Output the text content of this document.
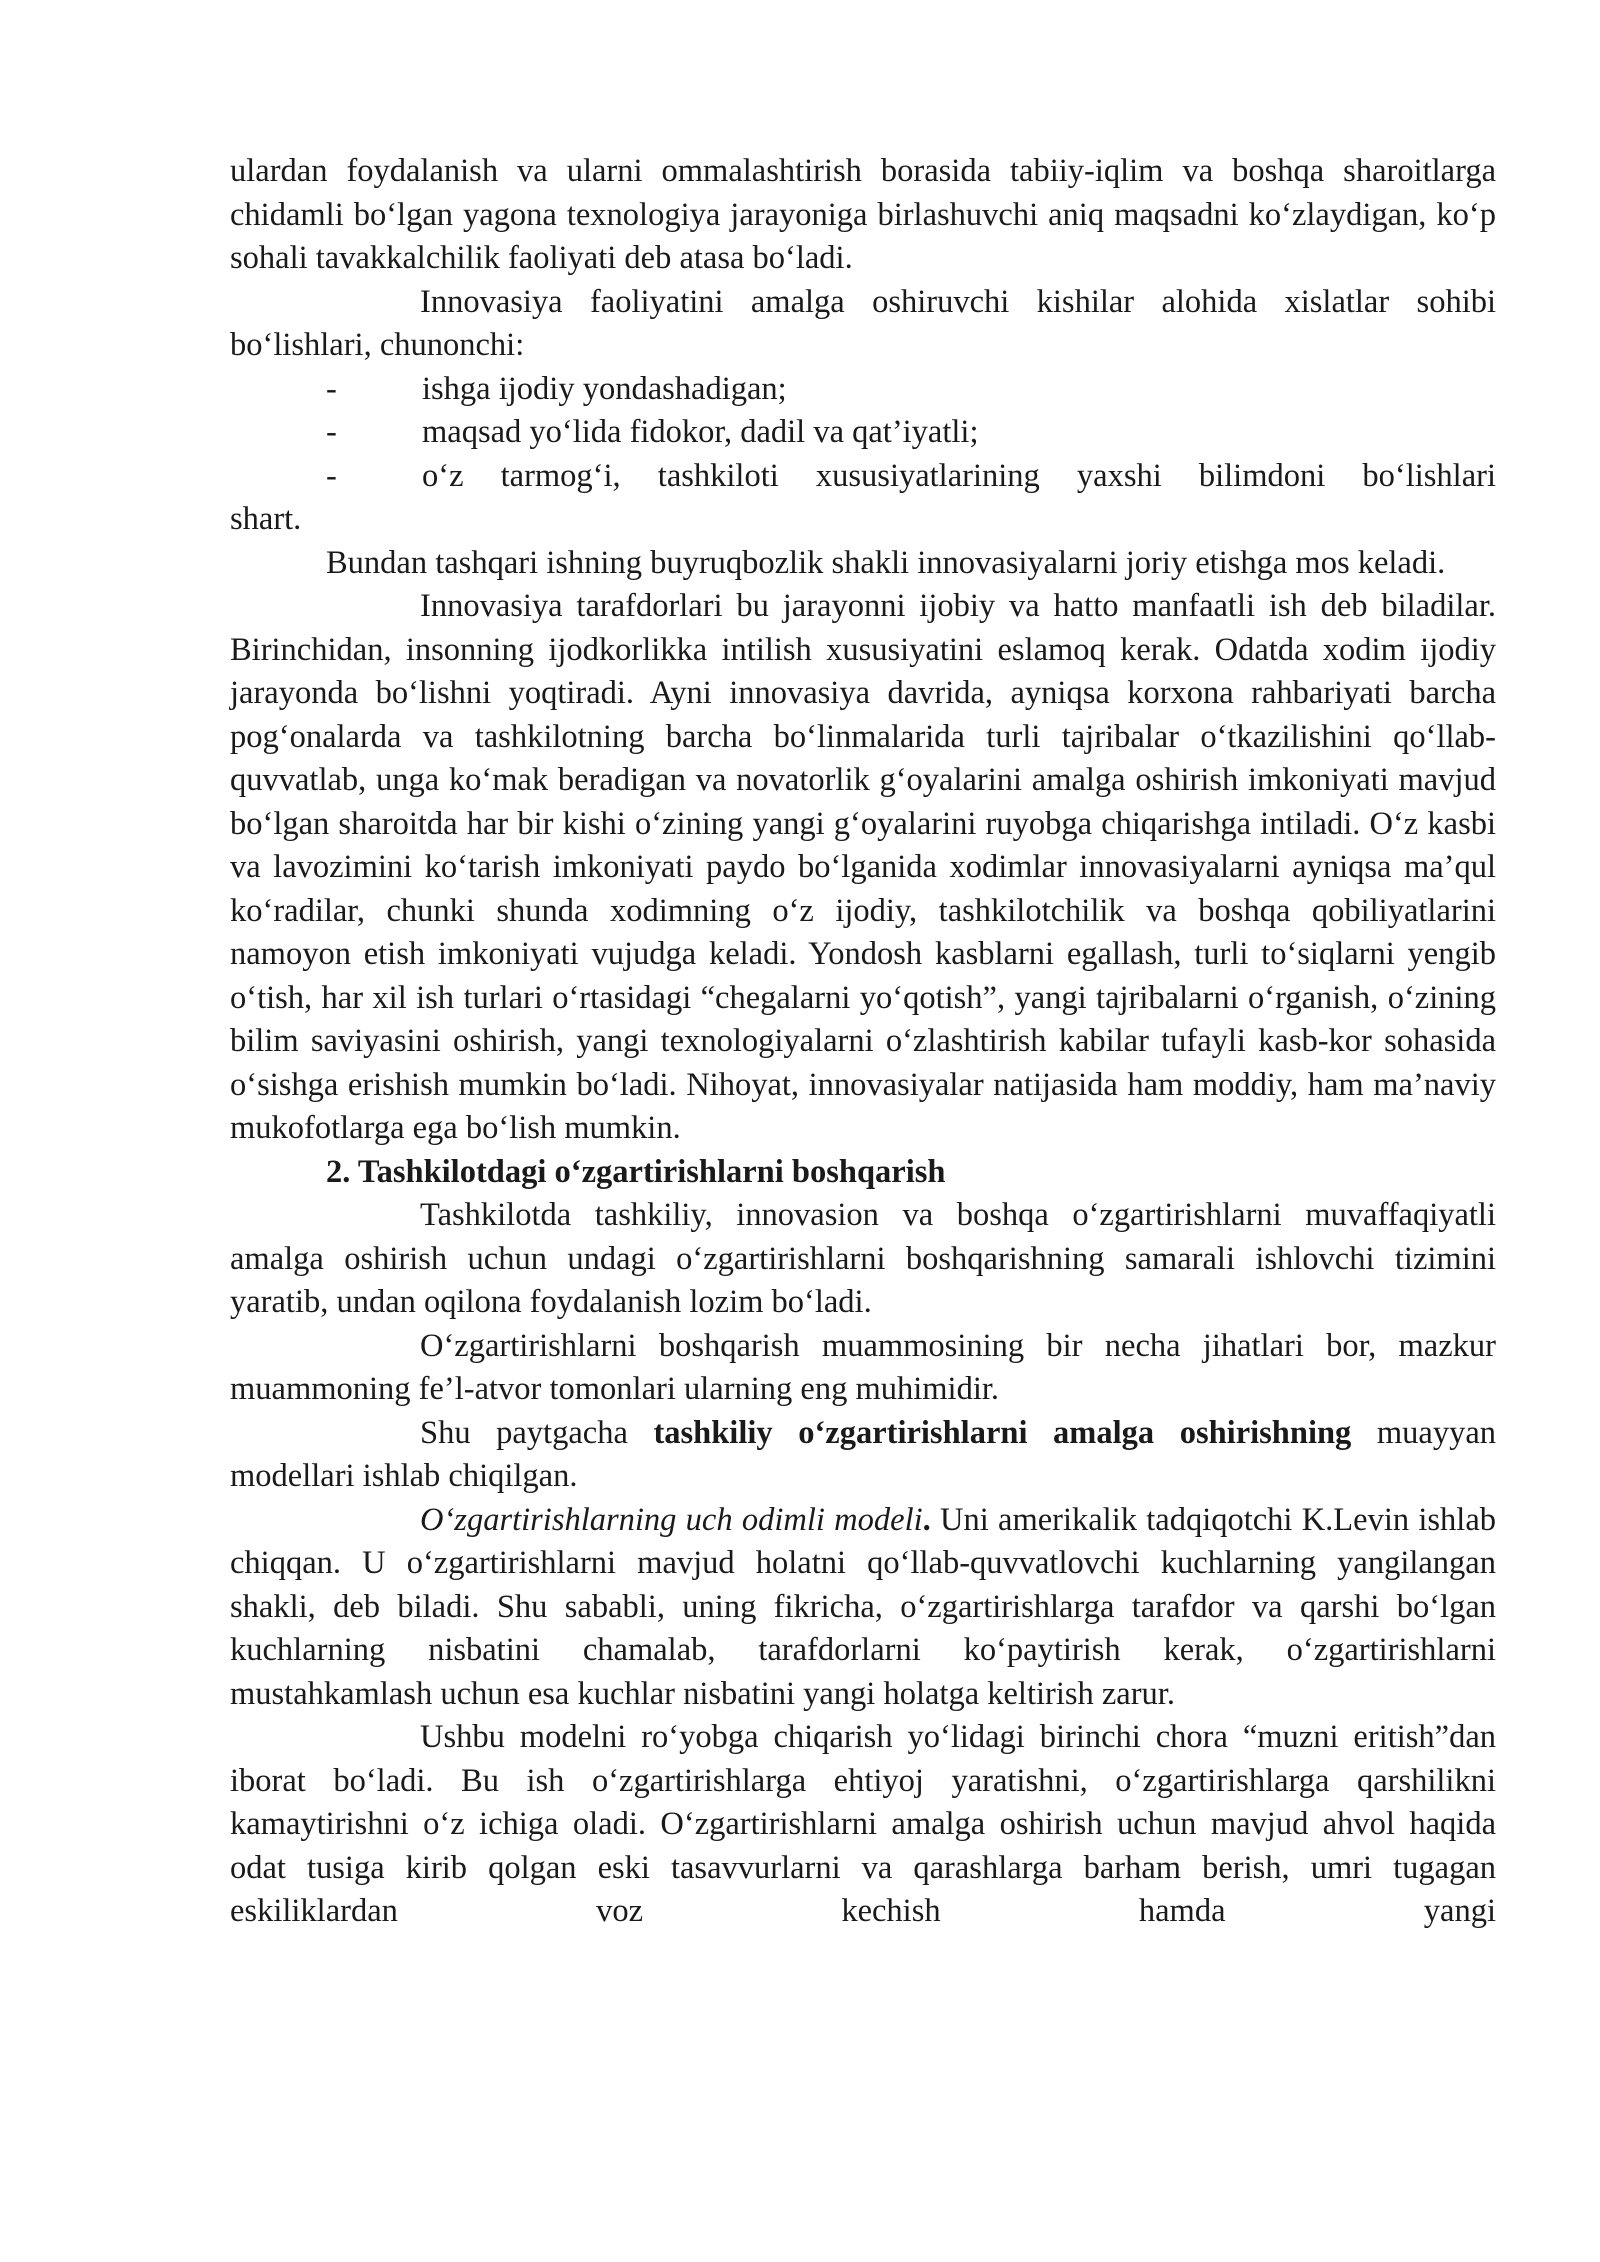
ulardan foydalanish va ularni ommalashtirish borasida tabiiy-iqlim va boshqa sharoitlarga chidamli bo‘lgan yagona texnologiya jarayoniga birlashuvchi aniq maqsadni ko‘zlaydigan, ko‘p sohali tavakkalchilik faoliyati deb atasa bo‘ladi.

Innovasiya faoliyatini amalga oshiruvchi kishilar alohida xislatlar sohibi bo‘lishlari, chunonchi:

-	ishga ijodiy yondashadigan;
-	maqsad yo‘lida fidokor, dadil va qat’iyatli;
-	o‘z tarmog‘i, tashkiloti xususiyatlarining yaxshi bilimdoni bo‘lishlari

shart.

Bundan tashqari ishning buyruqbozlik shakli innovasiyalarni joriy etishga mos keladi.

Innovasiya tarafdorlari bu jarayonni ijobiy va hatto manfaatli ish deb biladilar. Birinchidan, insonning ijodkorlikka intilish xususiyatini eslamoq kerak. Odatda xodim ijodiy jarayonda bo‘lishni yoqtiradi. Ayni innovasiya davrida, ayniqsa korxona rahbariyati barcha pog‘onalarda va tashkilotning barcha bo‘linmalarida turli tajribalar o‘tkazilishini qo‘llab-quvvatlab, unga ko‘mak beradigan va novatorlik g‘oyalarini amalga oshirish imkoniyati mavjud bo‘lgan sharoitda har bir kishi o‘zining yangi g‘oyalarini ruyobga chiqarishga intiladi. O‘z kasbi va lavozimini ko‘tarish imkoniyati paydo bo‘lganida xodimlar innovasiyalarni ayniqsa ma’qul ko‘radilar, chunki shunda xodimning o‘z ijodiy, tashkilotchilik va boshqa qobiliyatlarini namoyon etish imkoniyati vujudga keladi. Yondosh kasblarni egallash, turli to‘siqlarni yengib o‘tish, har xil ish turlari o‘rtasidagi “chegalarni yo‘qotish”, yangi tajribalarni o‘rganish, o‘zining bilim saviyasini oshirish, yangi texnologiyalarni o‘zlashtirish kabilar tufayli kasb-kor sohasida o‘sishga erishish mumkin bo‘ladi. Nihoyat, innovasiyalar natijasida ham moddiy, ham ma’naviy mukofotlarga ega bo‘lish mumkin.

2. Tashkilotdagi o‘zgartirishlarni boshqarish

Tashkilotda tashkiliy, innovasion va boshqa o‘zgartirishlarni muvaffaqiyatli amalga oshirish uchun undagi o‘zgartirishlarni boshqarishning samarali ishlovchi tizimini yaratib, undan oqilona foydalanish lozim bo‘ladi.

O‘zgartirishlarni boshqarish muammosining bir necha jihatlari bor, mazkur muammoning fe’l-atvor tomonlari ularning eng muhimidir.

Shu paytgacha tashkiliy o‘zgartirishlarni amalga oshirishning muayyan modellari ishlab chiqilgan.

O‘zgartirishlarning uch odimli modeli. Uni amerikalik tadqiqotchi K.Levin ishlab chiqqan. U o‘zgartirishlarni mavjud holatni qo‘llab-quvvatlovchi kuchlarning yangilangan shakli, deb biladi. Shu sababli, uning fikricha, o‘zgartirishlarga tarafdor va qarshi bo‘lgan kuchlarning nisbatini chamalab, tarafdorlarni ko‘paytirish kerak, o‘zgartirishlarni mustahkamlash uchun esa kuchlar nisbatini yangi holatga keltirish zarur.

Ushbu modelni ro‘yobga chiqarish yo‘lidagi birinchi chora “muzni eritish”dan iborat bo‘ladi. Bu ish o‘zgartirishlarga ehtiyoj yaratishni, o‘zgartirishlarga qarshilikni kamaytirishni o‘z ichiga oladi. O‘zgartirishlarni amalga oshirish uchun mavjud ahvol haqida odat tusiga kirib qolgan eski tasavvurlarni va qarashlarga barham berish, umri tugagan eskiliklardan voz kechish hamda yangi
